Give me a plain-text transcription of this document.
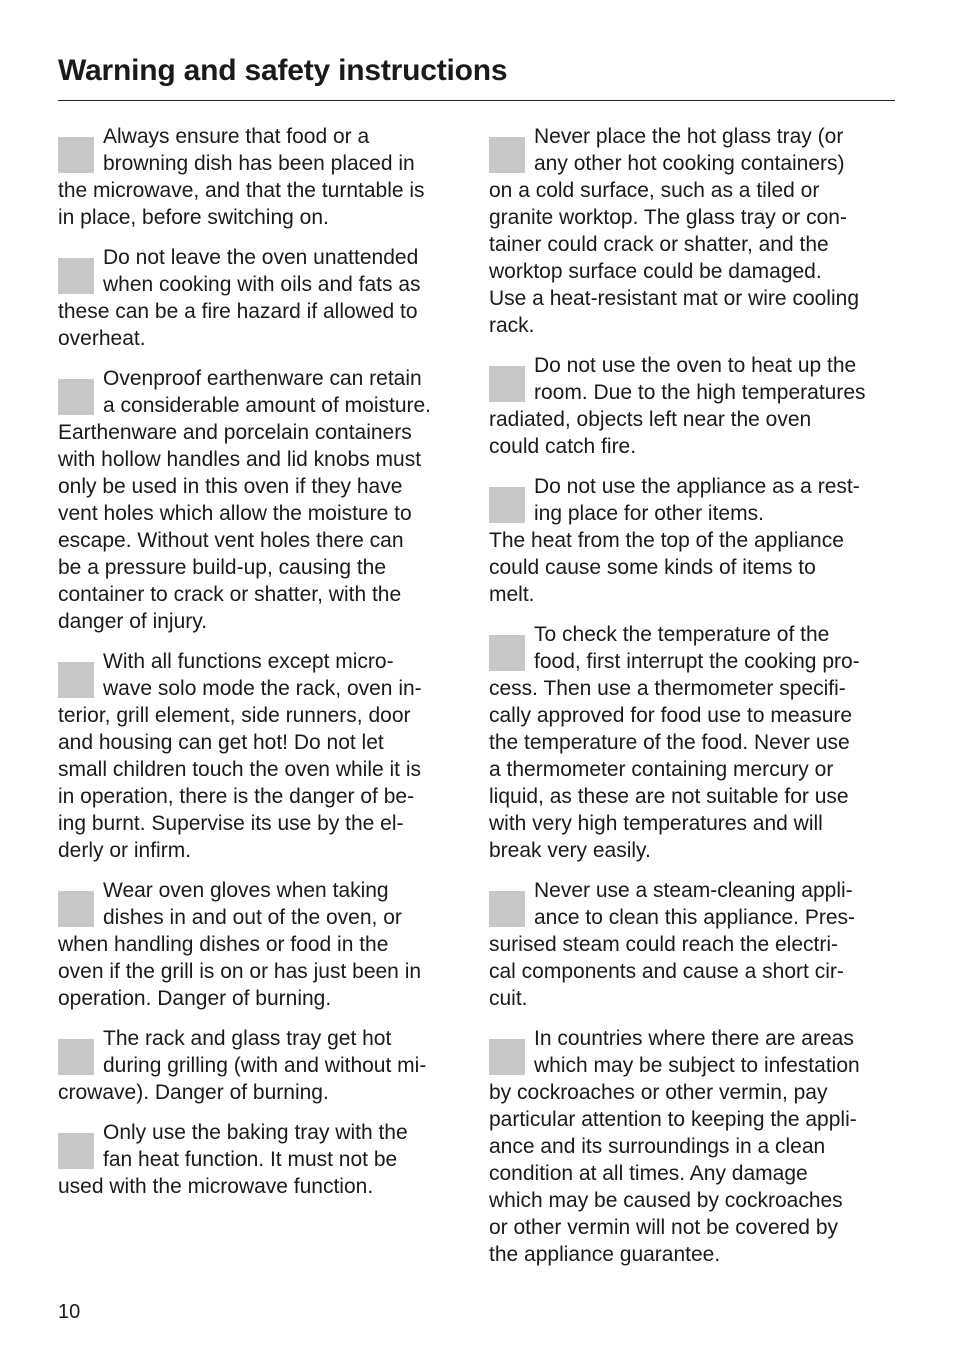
Warning and safety instructions
Always ensure that food or a
browning dish has been placed in
the microwave, and that the turntable is
in place, before switching on.
Do not leave the oven unattended
when cooking with oils and fats as
these can be a fire hazard if allowed to
overheat.
Ovenproof earthenware can retain
a considerable amount of moisture.
Earthenware and porcelain containers
with hollow handles and lid knobs must
only be used in this oven if they have
vent holes which allow the moisture to
escape. Without vent holes there can
be a pressure build-up, causing the
container to crack or shatter, with the
danger of injury.
With all functions except micro-
wave solo mode the rack, oven in-
terior, grill element, side runners, door
and housing can get hot! Do not let
small children touch the oven while it is
in operation, there is the danger of be-
ing burnt. Supervise its use by the el-
derly or infirm.
Wear oven gloves when taking
dishes in and out of the oven, or
when handling dishes or food in the
oven if the grill is on or has just been in
operation. Danger of burning.
The rack and glass tray get hot
during grilling (with and without mi-
crowave). Danger of burning.
Only use the baking tray with the
fan heat function. It must not be
used with the microwave function.
Never place the hot glass tray (or
any other hot cooking containers)
on a cold surface, such as a tiled or
granite worktop. The glass tray or con-
tainer could crack or shatter, and the
worktop surface could be damaged.
Use a heat-resistant mat or wire cooling
rack.
Do not use the oven to heat up the
room. Due to the high temperatures
radiated, objects left near the oven
could catch fire.
Do not use the appliance as a rest-
ing place for other items.
The heat from the top of the appliance
could cause some kinds of items to
melt.
To check the temperature of the
food, first interrupt the cooking pro-
cess. Then use a thermometer specifi-
cally approved for food use to measure
the temperature of the food. Never use
a thermometer containing mercury or
liquid, as these are not suitable for use
with very high temperatures and will
break very easily.
Never use a steam-cleaning appli-
ance to clean this appliance. Pres-
surised steam could reach the electri-
cal components and cause a short cir-
cuit.
In countries where there are areas
which may be subject to infestation
by cockroaches or other vermin, pay
particular attention to keeping the appli-
ance and its surroundings in a clean
condition at all times. Any damage
which may be caused by cockroaches
or other vermin will not be covered by
the appliance guarantee.
10
